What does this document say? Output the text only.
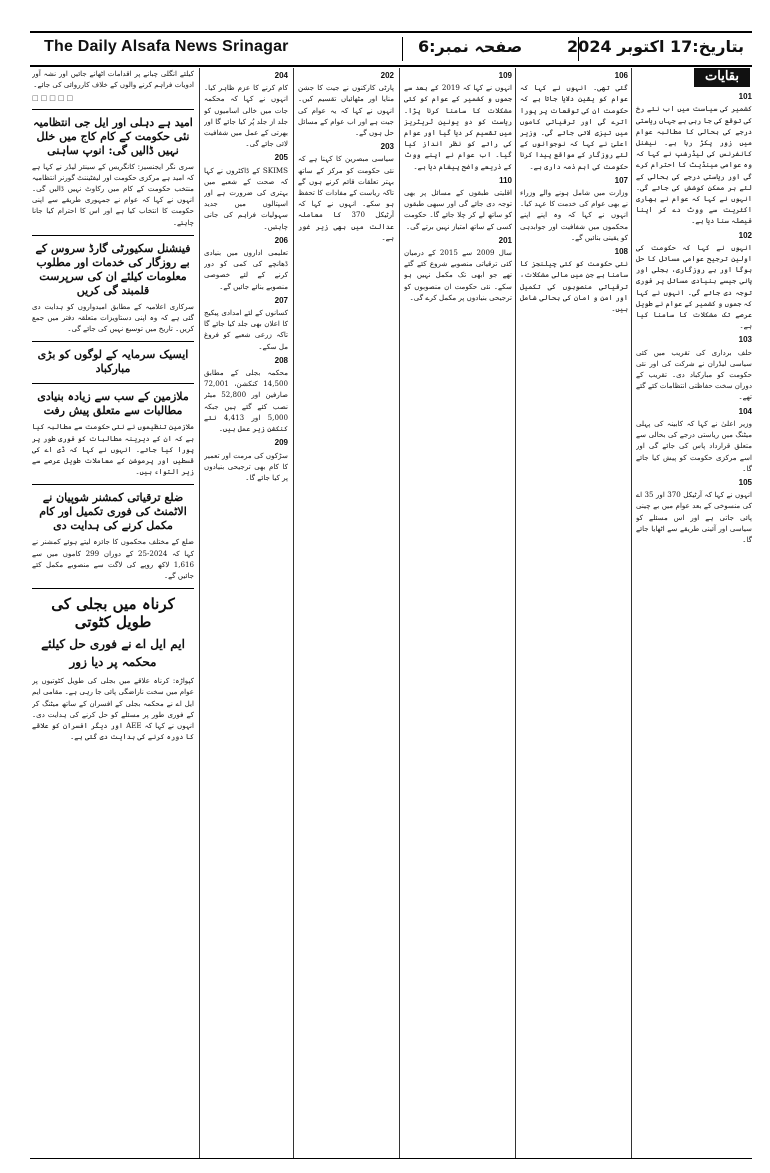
The Daily Alsafa News Srinagar	صفحہ نمبر:6	بتاریخ:17 اکتوبر 2024
بقایات
101

کشمیر کی سیاست میں اب نئے رخ کی توقع کی جا رہی ہے جہاں ریاستی درجے کی بحالی کا مطالبہ عوام میں زور پکڑ رہا ہے۔ نیشنل کانفرنس کی لیڈرشپ نے کہا کہ وہ عوامی مینڈیٹ کا احترام کرے گی اور ریاستی درجے کی بحالی کے لئے ہر ممکن کوشش کی جائے گی۔ انہوں نے کہا کہ عوام نے بھاری اکثریت سے ووٹ دے کر اپنا فیصلہ سنا دیا ہے۔

102

انہوں نے کہا کہ حکومت کی اولین ترجیح عوامی مسائل کا حل ہوگا اور بے روزگاری، بجلی اور پانی جیسے بنیادی مسائل پر فوری توجہ دی جائے گی۔ انہوں نے کہا کہ جموں و کشمیر کے عوام نے طویل عرصے تک مشکلات کا سامنا کیا ہے۔

103

حلف برداری کی تقریب میں کئی سیاسی لیڈران نے شرکت کی اور نئی حکومت کو مبارکباد دی۔ تقریب کے دوران سخت حفاظتی انتظامات کئے گئے تھے۔

104

وزیر اعلیٰ نے کہا کہ کابینہ کی پہلی میٹنگ میں ریاستی درجے کی بحالی سے متعلق قرارداد پاس کی جائے گی اور اسے مرکزی حکومت کو پیش کیا جائے گا۔

105

انہوں نے کہا کہ آرٹیکل 370 اور 35 اے کی منسوخی کے بعد عوام میں بے چینی پائی جاتی ہے اور اس مسئلے کو سیاسی اور آئینی طریقے سے اٹھایا جائے گا۔

106

گئی تھی۔ انہوں نے کہا کہ عوام کو یقین دلایا جاتا ہے کہ حکومت ان کی توقعات پر پورا اترے گی اور ترقیاتی کاموں میں تیزی لائی جائے گی۔ وزیر اعلیٰ نے کہا کہ نوجوانوں کے لئے روزگار کے مواقع پیدا کرنا حکومت کی اہم ذمہ داری ہے۔

107

وزارت میں شامل ہونے والے وزراء نے بھی عوام کی خدمت کا عہد کیا۔ انہوں نے کہا کہ وہ اپنے اپنے محکموں میں شفافیت اور جوابدہی کو یقینی بنائیں گے۔

108

نئی حکومت کو کئی چیلنجز کا سامنا ہے جن میں مالی مشکلات، ترقیاتی منصوبوں کی تکمیل اور امن و امان کی بحالی شامل ہیں۔

109

انہوں نے کہا کہ 2019 کے بعد سے جموں و کشمیر کے عوام کو کئی مشکلات کا سامنا کرنا پڑا۔ ریاست کو دو یونین ٹریٹریز میں تقسیم کر دیا گیا اور عوام کی رائے کو نظر انداز کیا گیا۔ اب عوام نے اپنے ووٹ کے ذریعے واضح پیغام دیا ہے۔

110

اقلیتی طبقوں کے مسائل پر بھی توجہ دی جائے گی اور سبھی طبقوں کو ساتھ لے کر چلا جائے گا۔ حکومت کسی کے ساتھ امتیاز نہیں برتے گی۔

201

سال 2009 سے 2015 کے درمیان کئی ترقیاتی منصوبے شروع کئے گئے تھے جو ابھی تک مکمل نہیں ہو سکے۔ نئی حکومت ان منصوبوں کو ترجیحی بنیادوں پر مکمل کرے گی۔

202

پارٹی کارکنوں نے جیت کا جشن منایا اور مٹھائیاں تقسیم کیں۔ انہوں نے کہا کہ یہ عوام کی جیت ہے اور اب عوام کے مسائل حل ہوں گے۔

203

سیاسی مبصرین کا کہنا ہے کہ نئی حکومت کو مرکز کے ساتھ بہتر تعلقات قائم کرنے ہوں گے تاکہ ریاست کے مفادات کا تحفظ ہو سکے۔ انہوں نے کہا کہ آرٹیکل 370 کا معاملہ عدالت میں بھی زیر غور ہے۔

204

کام کرنے کا عزم ظاہر کیا۔ انہوں نے کہا کہ محکمہ جات میں خالی اسامیوں کو جلد از جلد پُر کیا جائے گا اور بھرتی کے عمل میں شفافیت لائی جائے گی۔

205

SKIMS کے ڈاکٹروں نے کہا کہ صحت کے شعبے میں بہتری کی ضرورت ہے اور اسپتالوں میں جدید سہولیات فراہم کی جانی چاہئیں۔

206

تعلیمی اداروں میں بنیادی ڈھانچے کی کمی کو دور کرنے کے لئے خصوصی منصوبے بنائے جائیں گے۔

207

کسانوں کے لئے امدادی پیکیج کا اعلان بھی جلد کیا جائے گا تاکہ زرعی شعبے کو فروغ مل سکے۔

208

محکمہ بجلی کے مطابق 14,500 کنکشن، 72,001 صارفین اور 52,800 میٹر نصب کئے گئے ہیں جبکہ 5,000 اور 4,413 نئے کنکشن زیر عمل ہیں۔

209

سڑکوں کی مرمت اور تعمیر کا کام بھی ترجیحی بنیادوں پر کیا جائے گا۔

کیلئے انگلی چبانے پر اقدامات اٹھانے جائیں اور نشہ آور ادویات فراہم کرنے والوں کے خلاف کارروائی کی جائے۔

□□□□□
امید ہے دہلی اور ایل جی انتظامیہ نئی حکومت کے کام کاج میں خلل نہیں ڈالیں گی: انوپ ساہنی

سری نگر ایجنسیز: کانگریس کے سینئر لیڈر نے کہا ہے کہ امید ہے مرکزی حکومت اور لیفٹیننٹ گورنر انتظامیہ منتخب حکومت کے کام میں رکاوٹ نہیں ڈالیں گی۔ انہوں نے کہا کہ عوام نے جمہوری طریقے سے اپنی حکومت کا انتخاب کیا ہے اور اس کا احترام کیا جانا چاہئے۔

فینشنل سکیورٹی گارڈ سروس کے بے روزگار کی خدمات اور مطلوب معلومات کیلئے ان کی سرپرست قلمبند گی کریں

سرکاری اعلامیہ کے مطابق امیدواروں کو ہدایت دی گئی ہے کہ وہ اپنی دستاویزات متعلقہ دفتر میں جمع کریں۔ تاریخ میں توسیع نہیں کی جائے گی۔

ایسیک سرمایہ کے لوگوں کو بڑی مبارکباد

ملازمین کے سب سے زیادہ بنیادی مطالبات سے متعلق پیش رفت

ملازمین تنظیموں نے نئی حکومت سے مطالبہ کیا ہے کہ ان کے دیرینہ مطالبات کو فوری طور پر پورا کیا جائے۔ انہوں نے کہا کہ ڈی اے کی قسطیں اور پرموشن کے معاملات طویل عرصے سے زیر التواء ہیں۔

ضلع ترقیاتی کمشنر شوپیان نے الاٹمنٹ کی فوری تکمیل اور کام مکمل کرنے کی ہدایت دی

ضلع کے مختلف محکموں کا جائزہ لیتے ہوئے کمشنر نے کہا کہ 2024-25 کے دوران 299 کاموں میں سے 1,616 لاکھ روپے کی لاگت سے منصوبے مکمل کئے جائیں گے۔

کرناہ میں بجلی کی طویل کٹوتی
ایم ایل اے نے فوری حل کیلئے محکمہ پر دیا زور

کپواڑہ: کرناہ علاقے میں بجلی کی طویل کٹوتیوں پر عوام میں سخت ناراضگی پائی جا رہی ہے۔ مقامی ایم ایل اے نے محکمہ بجلی کے افسران کے ساتھ میٹنگ کر کے فوری طور پر مسئلے کو حل کرنے کی ہدایت دی۔ انہوں نے کہا کہ AEE اور دیگر افسران کو علاقے کا دورہ کرنے کی ہدایت دی گئی ہے۔
